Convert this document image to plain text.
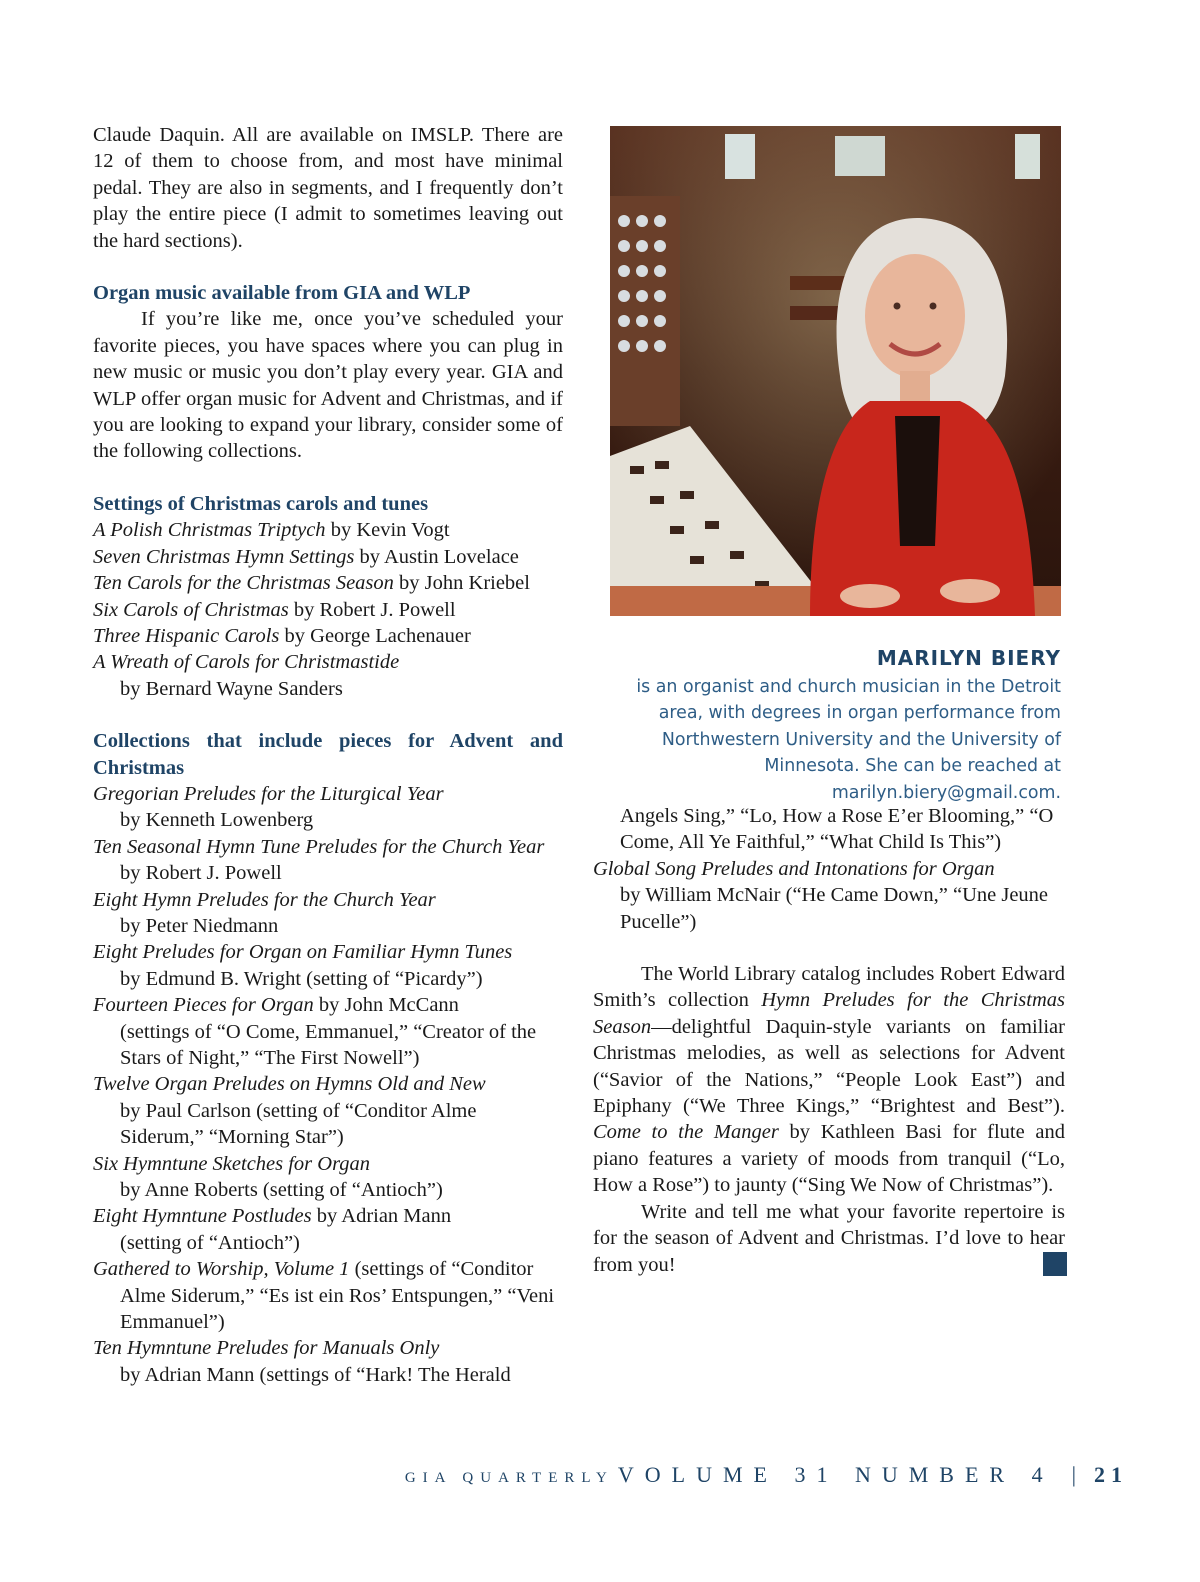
Claude Daquin. All are available on IMSLP. There are 12 of them to choose from, and most have minimal pedal. They are also in segments, and I frequently don’t play the entire piece (I admit to sometimes leaving out the hard sections).

Organ music available from GIA and WLP

If you’re like me, once you’ve scheduled your favorite pieces, you have spaces where you can plug in new music or music you don’t play every year. GIA and WLP offer organ music for Advent and Christmas, and if you are looking to expand your library, consider some of the following collections.

Settings of Christmas carols and tunes

A Polish Christmas Triptych by Kevin Vogt
Seven Christmas Hymn Settings by Austin Lovelace
Ten Carols for the Christmas Season by John Kriebel
Six Carols of Christmas by Robert J. Powell
Three Hispanic Carols by George Lachenauer
A Wreath of Carols for Christmastide
by Bernard Wayne Sanders

Collections that include pieces for Advent and Christmas

Gregorian Preludes for the Liturgical Year
by Kenneth Lowenberg
Ten Seasonal Hymn Tune Preludes for the Church Year
by Robert J. Powell
Eight Hymn Preludes for the Church Year
by Peter Niedmann
Eight Preludes for Organ on Familiar Hymn Tunes
by Edmund B. Wright (setting of “Picardy”)
Fourteen Pieces for Organ by John McCann
(settings of “O Come, Emmanuel,” “Creator of the Stars of Night,” “The First Nowell”)
Twelve Organ Preludes on Hymns Old and New
by Paul Carlson (setting of “Conditor Alme Siderum,” “Morning Star”)
Six Hymntune Sketches for Organ
by Anne Roberts (setting of “Antioch”)
Eight Hymntune Postludes by Adrian Mann
(setting of “Antioch”)
Gathered to Worship, Volume 1 (settings of “Conditor
Alme Siderum,” “Es ist ein Ros’ Entspungen,” “Veni Emmanuel”)
Ten Hymntune Preludes for Manuals Only
by Adrian Mann (settings of “Hark! The Herald
MARILYN BIERY
is an organist and church musician in the Detroit area, with degrees in organ performance from Northwestern University and the University of Minnesota. She can be reached at marilyn.biery@gmail.com.
Angels Sing,” “Lo, How a Rose E’er Blooming,” “O Come, All Ye Faithful,” “What Child Is This”)
Global Song Preludes and Intonations for Organ
by William McNair (“He Came Down,” “Une Jeune Pucelle”)

The World Library catalog includes Robert Edward Smith’s collection Hymn Preludes for the Christmas Season—delightful Daquin-style variants on familiar Christmas melodies, as well as selections for Advent (“Savior of the Nations,” “People Look East”) and Epiphany (“We Three Kings,” “Brightest and Best”). Come to the Manger by Kathleen Basi for flute and piano features a variety of moods from tranquil (“Lo, How a Rose”) to jaunty (“Sing We Now of Christmas”).

Write and tell me what your favorite repertoire is for the season of Advent and Christmas. I’d love to hear from you!

GIA QUARTERLY VOLUME 31 NUMBER 4 | 21
